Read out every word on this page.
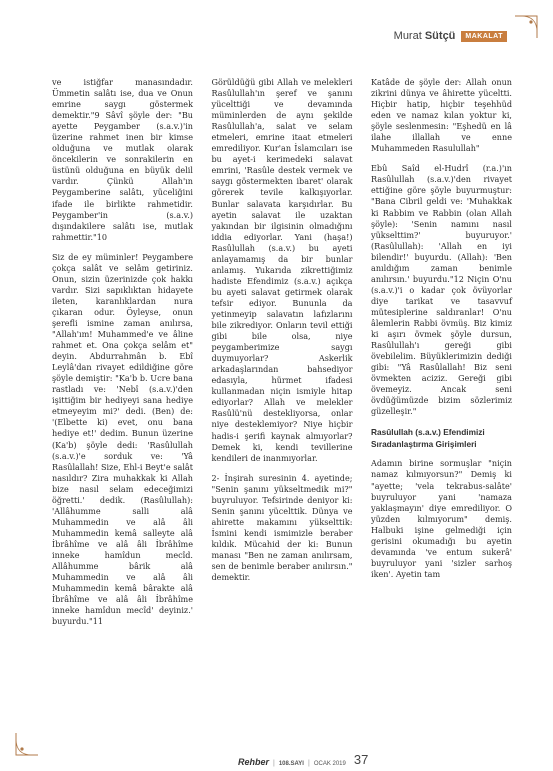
Murat Sütçü	MAKALAT

ve istiğfar manasındadır. Ümmetin salâtı ise, dua ve Onun emrine saygı göstermek demektir."9 Sâvî şöyle der: "Bu ayette Peygamber (s.a.v.)'in üzerine rahmet inen bir kimse olduğuna ve mutlak olarak öncekilerin ve sonrakilerin en üstünü olduğuna en büyük delil vardır. Çünkü Allah'ın Peygamberine salâtı, yüceliğini ifade ile birlikte rahmetidir. Peygamber'in (s.a.v.) dışındakilere salâtı ise, mutlak rahmettir."10

Siz de ey müminler! Peygambere çokça salât ve selâm getiriniz. Onun, sizin üzerinizde çok hakkı vardır. Sizi sapıklıktan hidayete ileten, karanlıklardan nura çıkaran odur. Öyleyse, onun şerefli ismine zaman anılırsa, "Allah'ım! Muhammed'e ve âline rahmet et. Ona çokça selâm et" deyin. Abdurrahmân b. Ebî Leylâ'dan rivayet edildiğine göre şöyle demiştir: "Ka'b b. Ucre bana rastladı ve: 'Nebî (s.a.v.)'den işittiğim bir hediyeyi sana hediye etmeyeyim mi?' dedi. (Ben) de: '(Elbette ki) evet, onu bana hediye et!' dedim. Bunun üzerine (Ka'b) şöyle dedi: 'Rasûlullah (s.a.v.)'e sorduk ve: 'Yâ Rasûlallah! Size, Ehl-i Beyt'e salât nasıldır? Zira muhakkak ki Allah bize nasıl selam edeceğimizi öğretti.' dedik. (Rasûlullah): 'Allâhumme salli alâ Muhammedin ve alâ âli Muhammedin kemâ salleyte alâ İbrâhîme ve alâ âli İbrâhîme inneke hamîdun mecîd. Allâhumme bârik alâ Muhammedin ve alâ âli Muhammedin kemâ bârakte alâ İbrâhîme ve alâ âli İbrâhîme inneke hamîdun mecîd' deyiniz.' buyurdu."11

Görüldüğü gibi Allah ve melekleri Rasûlullah'ın şeref ve şanını yücelttiği ve devamında müminlerden de aynı şekilde Rasûlullah'a, salat ve selam etmeleri, emrine itaat etmeleri emrediliyor. Kur'an İslamcıları ise bu ayet-i kerimedeki salavat emrini, 'Rasûle destek vermek ve saygı göstermekten ibaret' olarak görerek tevile kalkışıyorlar. Bunlar salavata karşıdırlar. Bu ayetin salavat ile uzaktan yakından bir ilgisinin olmadığını iddia ediyorlar. Yani (haşa!) Rasûlullah (s.a.v.) bu ayeti anlayamamış da bir bunlar anlamış. Yukarıda zikrettiğimiz hadiste Efendimiz (s.a.v.) açıkça bu ayeti salavat getirmek olarak tefsir ediyor. Bununla da yetinmeyip salavatın lafızlarını bile zikrediyor. Onların tevil ettiği gibi bile olsa, niye peygamberimize saygı duymuyorlar? Askerlik arkadaşlarından bahsediyor edasıyla, hürmet ifadesi kullanmadan niçin ismiyle hitap ediyorlar? Allah ve melekler Rasûlü'nü destekliyorsa, onlar niye desteklemiyor? Niye hiçbir hadis-i şerifi kaynak almıyorlar? Demek ki, kendi tevillerine kendileri de inanmıyorlar.

2- İnşirah suresinin 4. ayetinde; "Senin şanını yükseltmedik mi?" buyruluyor. Tefsirinde deniyor ki: Senin şanını yücelttik. Dünya ve ahirette makamını yükselttik: İsmini kendi ismimizle beraber kıldık. Mücahid der ki: Bunun manası "Ben ne zaman anılırsam, sen de benimle beraber anılırsın." demektir.

Katâde de şöyle der: Allah onun zikrini dünya ve âhirette yüceltti. Hiçbir hatip, hiçbir teşehhüd eden ve namaz kılan yoktur ki, şöyle seslenmesin: "Eşhedü en lâ ilahe illallah ve enne Muhammeden Rasulullah"

Ebû Saîd el-Hudrî (r.a.)'ın Rasûlullah (s.a.v.)'den rivayet ettiğine göre şöyle buyurmuştur: "Bana Cibril geldi ve: 'Muhakkak ki Rabbim ve Rabbin (olan Allah şöyle): 'Senin namını nasıl yükselttim?' buyuruyor.' (Rasûlullah): 'Allah en iyi bilendir!' buyurdu. (Allah): 'Ben anıldığım zaman benimle anılırsın.' buyurdu."12 Niçin O'nu (s.a.v.)'i o kadar çok övüyorlar diye tarikat ve tasavvuf mütesiplerine saldıranlar! O'nu âlemlerin Rabbi övmüş. Biz kimiz ki aşırı övmek şöyle dursun, Rasûlullah'ı gereği gibi övebilelim. Büyüklerimizin dediği gibi: "Yâ Rasûlallah! Biz seni övmekten aciziz. Gereği gibi övemeyiz. Ancak seni övdüğümüzde bizim sözlerimiz güzelleşir."

Rasûlullah (s.a.v.) Efendimizi Sıradanlaştırma Girişimleri

Adamın birine sormuşlar "niçin namaz kılmıyorsun?" Demiş ki "ayette; 'vela tekrabus-salâte' buyruluyor yani 'namaza yaklaşmayın' diye emrediliyor. O yüzden kılmıyorum" demiş. Halbuki işine gelmediği için gerisini okumadığı bu ayetin devamında 've entum sukerâ' buyruluyor yani 'sizler sarhoş iken'. Ayetin tam

Rehber | 108.SAYI | OCAK 2019 37
